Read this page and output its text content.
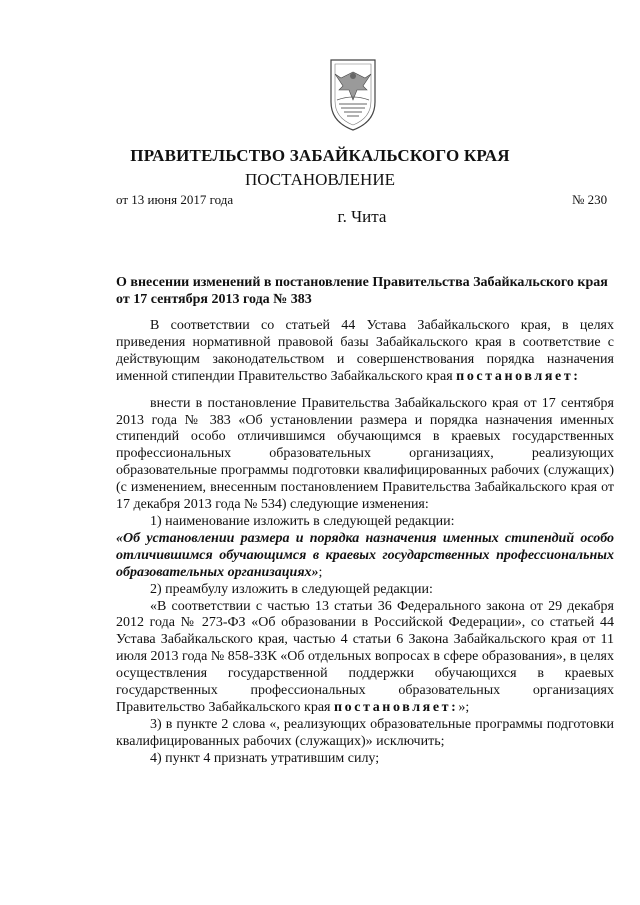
ПРАВИТЕЛЬСТВО ЗАБАЙКАЛЬСКОГО КРАЯ
ПОСТАНОВЛЕНИЕ
от 13 июня 2017 года	№ 230
г. Чита
О внесении изменений в постановление Правительства Забайкальского края от 17 сентября 2013 года № 383

В соответствии со статьей 44 Устава Забайкальского края, в целях приведения нормативной правовой базы Забайкальского края в соответствие с действующим законодательством и совершенствования порядка назначения именной стипендии Правительство Забайкальского края постановляет:

внести в постановление Правительства Забайкальского края от 17 сентября 2013 года № 383 «Об установлении размера и порядка назначения именных стипендий особо отличившимся обучающимся в краевых государственных профессиональных образовательных организациях, реализующих образовательные программы подготовки квалифицированных рабочих (служащих) (с изменением, внесенным постановлением Правительства Забайкальского края от 17 декабря 2013 года № 534) следующие изменения:

1) наименование изложить в следующей редакции:

«Об установлении размера и порядка назначения именных стипендий особо отличившимся обучающимся в краевых государственных профессиональных образовательных организациях»;

2) преамбулу изложить в следующей редакции:

«В соответствии с частью 13 статьи 36 Федерального закона от 29 декабря 2012 года № 273-ФЗ «Об образовании в Российской Федерации», со статьей 44 Устава Забайкальского края, частью 4 статьи 6 Закона Забайкальского края от 11 июля 2013 года № 858-ЗЗК «Об отдельных вопросах в сфере образования», в целях осуществления государственной поддержки обучающихся в краевых государственных профессиональных образовательных организациях Правительство Забайкальского края постановляет:»;

3) в пункте 2 слова «, реализующих образовательные программы подготовки квалифицированных рабочих (служащих)» исключить;

4) пункт 4 признать утратившим силу;
